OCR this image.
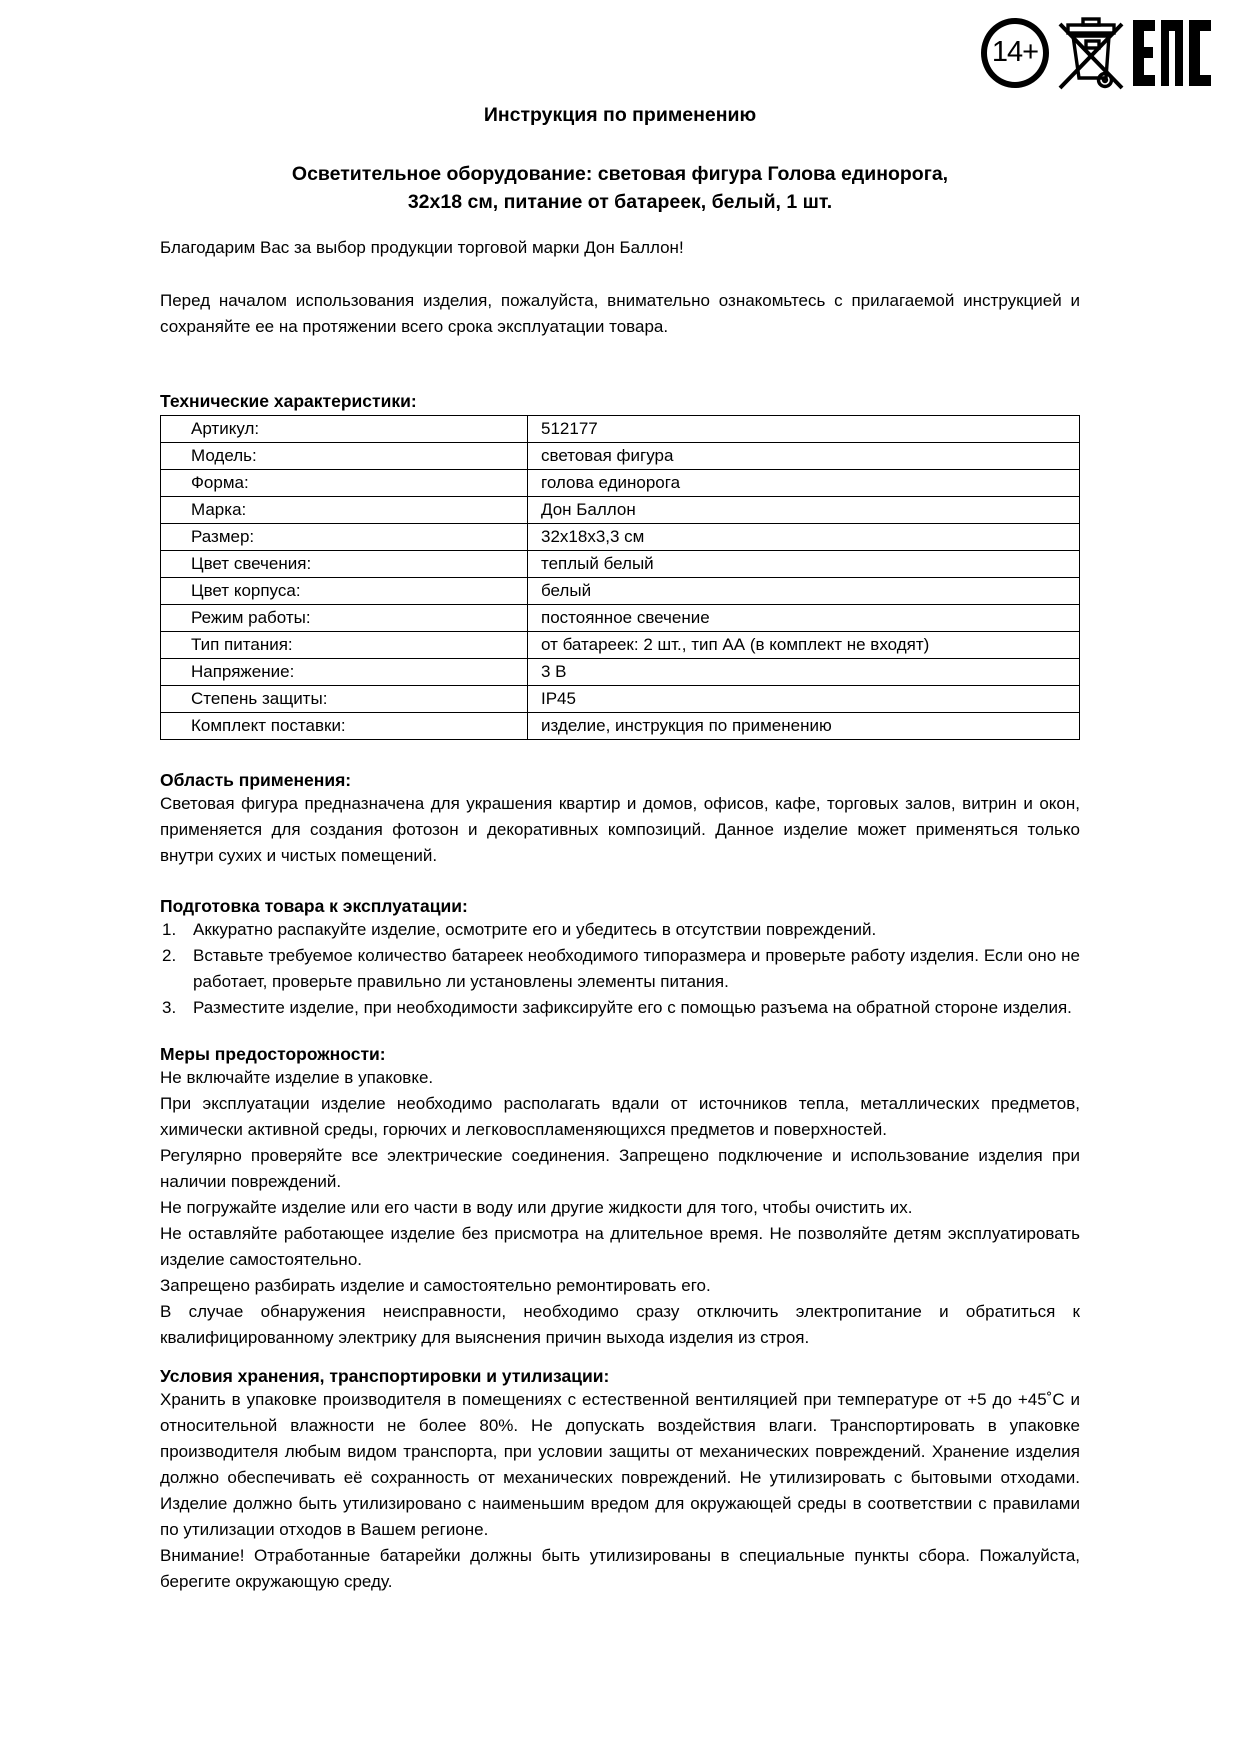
14+
Инструкция по применению
Осветительное оборудование: световая фигура Голова единорога,
32х18 см, питание от батареек, белый, 1 шт.

Благодарим Вас за выбор продукции торговой марки Дон Баллон!

Перед началом использования изделия, пожалуйста, внимательно ознакомьтесь с прилагаемой инструкцией и сохраняйте ее на протяжении всего срока эксплуатации товара.

Технические характеристики:
Артикул:	512177
Модель:	световая фигура
Форма:	голова единорога
Марка:	Дон Баллон
Размер:	32х18х3,3 см
Цвет свечения:	теплый белый
Цвет корпуса:	белый
Режим работы:	постоянное свечение
Тип питания:	от батареек: 2 шт., тип АА (в комплект не входят)
Напряжение:	3 В
Степень защиты:	IP45
Комплект поставки:	изделие, инструкция по применению
Область применения:

Световая фигура предназначена для украшения квартир и домов, офисов, кафе, торговых залов, витрин и окон, применяется для создания фотозон и декоративных композиций. Данное изделие может применяться только внутри сухих и чистых помещений.

Подготовка товара к эксплуатации:
Аккуратно распакуйте изделие, осмотрите его и убедитесь в отсутствии повреждений.
Вставьте требуемое количество батареек необходимого типоразмера и проверьте работу изделия. Если оно не работает, проверьте правильно ли установлены элементы питания.
Разместите изделие, при необходимости зафиксируйте его с помощью разъема на обратной стороне изделия.
Меры предосторожности:

Не включайте изделие в упаковке.

При эксплуатации изделие необходимо располагать вдали от источников тепла, металлических предметов, химически активной среды, горючих и легковоспламеняющихся предметов и поверхностей.

Регулярно проверяйте все электрические соединения. Запрещено подключение и использование изделия при наличии повреждений.

Не погружайте изделие или его части в воду или другие жидкости для того, чтобы очистить их.

Не оставляйте работающее изделие без присмотра на длительное время. Не позволяйте детям эксплуатировать изделие самостоятельно.

Запрещено разбирать изделие и самостоятельно ремонтировать его.

В случае обнаружения неисправности, необходимо сразу отключить электропитание и обратиться к квалифицированному электрику для выяснения причин выхода изделия из строя.

Условия хранения, транспортировки и утилизации:

Хранить в упаковке производителя в помещениях с естественной вентиляцией при температуре от +5 до +45˚С и относительной влажности не более 80%. Не допускать воздействия влаги. Транспортировать в упаковке производителя любым видом транспорта, при условии защиты от механических повреждений. Хранение изделия должно обеспечивать её сохранность от механических повреждений. Не утилизировать с бытовыми отходами. Изделие должно быть утилизировано с наименьшим вредом для окружающей среды в соответствии с правилами по утилизации отходов в Вашем регионе.

Внимание! Отработанные батарейки должны быть утилизированы в специальные пункты сбора. Пожалуйста, берегите окружающую среду.
